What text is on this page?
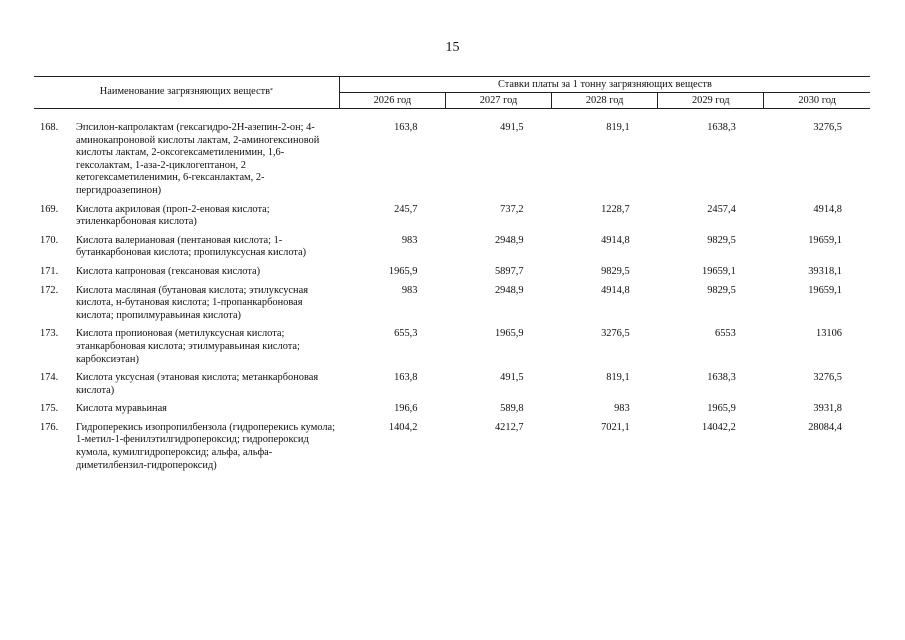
15
Наименование загрязняющих веществ*	Ставки платы за 1 тонну загрязняющих веществ				
	2026 год	2027 год	2028 год	2029 год	2030 год

168. Эпсилон-капролактам (гексагидро-2Н-азепин-2-он; 4-аминокапроновой кислоты лактам, 2-аминогексиновой кислоты лактам, 2-оксогексаметиленимин, 1,6-гексолактам, 1-аза-2-циклогептанон, 2 кетогексаметиленимин, 6-гексанлактам, 2-пергидроазепинон)	163,8	491,5	819,1	1638,3	3276,5
169. Кислота акриловая (проп-2-еновая кислота; этиленкарбоновая кислота)	245,7	737,2	1228,7	2457,4	4914,8
170. Кислота валериановая (пентановая кислота; 1-бутанкарбоновая кислота; пропилуксусная кислота)	983	2948,9	4914,8	9829,5	19659,1
171. Кислота капроновая (гексановая кислота)	1965,9	5897,7	9829,5	19659,1	39318,1
172. Кислота масляная (бутановая кислота; этилуксусная кислота, н-бутановая кислота; 1-пропанкарбоновая кислота; пропилмуравьиная кислота)	983	2948,9	4914,8	9829,5	19659,1
173. Кислота пропионовая (метилуксусная кислота; этанкарбоновая кислота; этилмуравьиная кислота; карбоксиэтан)	655,3	1965,9	3276,5	6553	13106
174. Кислота уксусная (этановая кислота; метанкарбоновая кислота)	163,8	491,5	819,1	1638,3	3276,5
175. Кислота муравьиная	196,6	589,8	983	1965,9	3931,8
176. Гидроперекись изопропилбензола (гидроперекись кумола; 1-метил-1-фенилэтилгидропероксид; гидропероксид кумола, кумилгидропероксид; альфа, альфа-диметилбензил-гидропероксид)	1404,2	4212,7	7021,1	14042,2	28084,4
